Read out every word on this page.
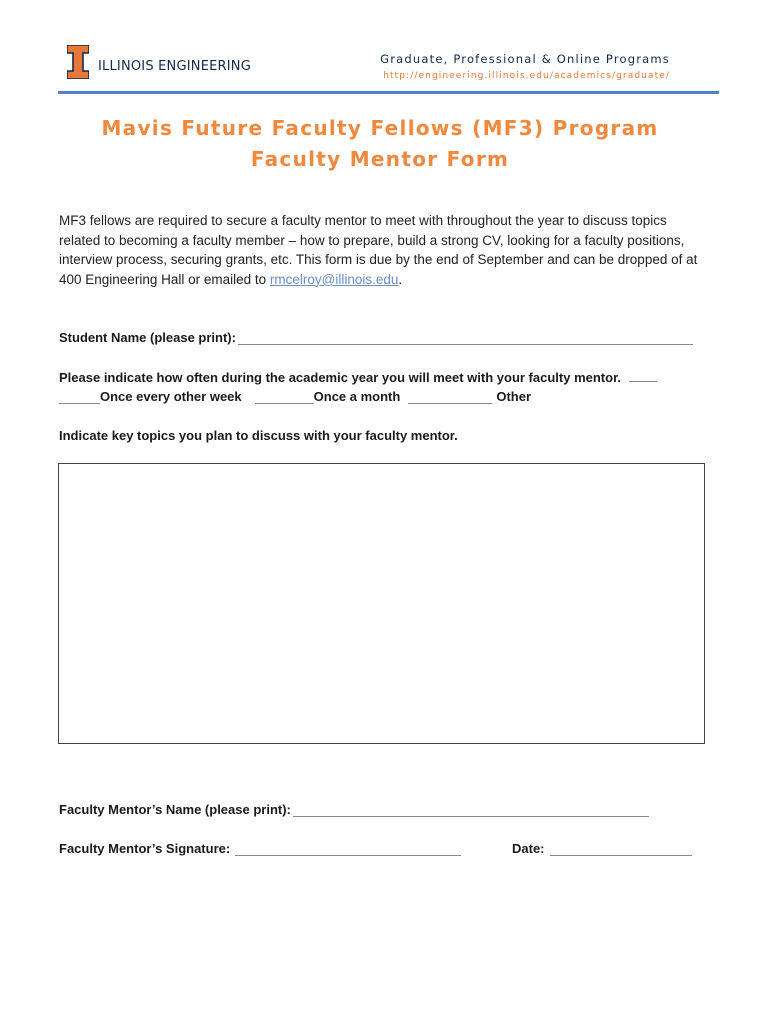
ILLINOIS ENGINEERING	Graduate, Professional & Online Programs
http://engineering.illinois.edu/academics/graduate/
Mavis Future Faculty Fellows (MF3) Program
Faculty Mentor Form

MF3 fellows are required to secure a faculty mentor to meet with throughout the year to discuss topics related to becoming a faculty member – how to prepare, build a strong CV, looking for a faculty positions, interview process, securing grants, etc. This form is due by the end of September and can be dropped of at 400 Engineering Hall or emailed to rmcelroy@illinois.edu.

Student Name (please print):
Please indicate how often during the academic year you will meet with your faculty mentor.
Once every other week	Once a month	Other
Indicate key topics you plan to discuss with your faculty mentor.
Faculty Mentor’s Name (please print):
Faculty Mentor’s Signature:	Date:
